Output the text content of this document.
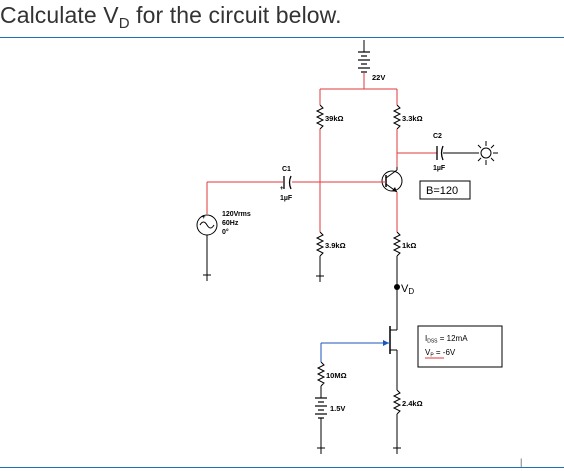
Calculate $V_D$ for the circuit below.
22V
39kΩ	3.3kΩ
C2
1µF
B=120
+
C1
1µF
+ 120Vrms
60Hz
0°
3.9kΩ	1kΩ
VD
IDSS = 12mA
VP = -6V
10MΩ
1.5V
2.4kΩ
|
